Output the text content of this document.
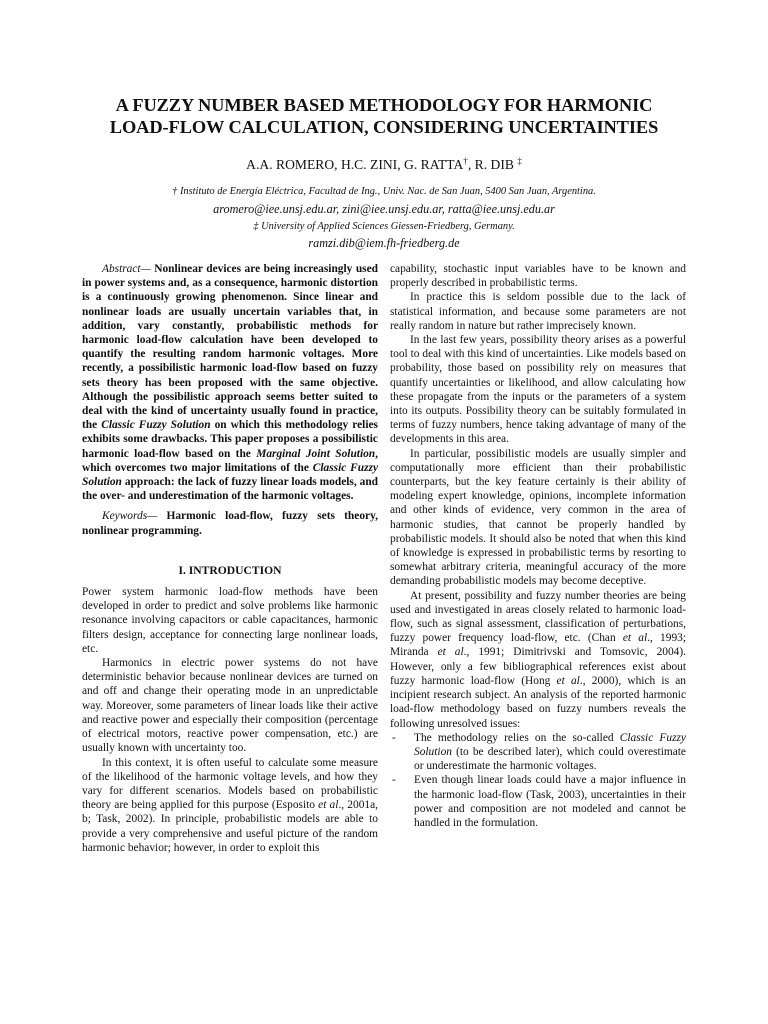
A FUZZY NUMBER BASED METHODOLOGY FOR HARMONIC
LOAD-FLOW CALCULATION, CONSIDERING UNCERTAINTIES
A.A. ROMERO, H.C. ZINI, G. RATTA†, R. DIB ‡
† Instituto de Energía Eléctrica, Facultad de Ing., Univ. Nac. de San Juan, 5400 San Juan, Argentina.
aromero@iee.unsj.edu.ar, zini@iee.unsj.edu.ar, ratta@iee.unsj.edu.ar
‡ University of Applied Sciences Giessen-Friedberg, Germany.
ramzi.dib@iem.fh-friedberg.de

Abstract— Nonlinear devices are being increasingly used in power systems and, as a consequence, harmonic distortion is a continuously growing phenomenon. Since linear and nonlinear loads are usually uncertain variables that, in addition, vary constantly, probabilistic methods for harmonic load-flow calculation have been developed to quantify the resulting random harmonic voltages. More recently, a possibilistic harmonic load-flow based on fuzzy sets theory has been proposed with the same objective. Although the possibilistic approach seems better suited to deal with the kind of uncertainty usually found in practice, the Classic Fuzzy Solution on which this methodology relies exhibits some drawbacks. This paper proposes a possibilistic harmonic load-flow based on the Marginal Joint Solution, which overcomes two major limitations of the Classic Fuzzy Solution approach: the lack of fuzzy linear loads models, and the over- and underestimation of the harmonic voltages.

Keywords— Harmonic load-flow, fuzzy sets theory, nonlinear programming.

I. INTRODUCTION

Power system harmonic load-flow methods have been developed in order to predict and solve problems like harmonic resonance involving capacitors or cable capacitances, harmonic filters design, acceptance for connecting large nonlinear loads, etc.

Harmonics in electric power systems do not have deterministic behavior because nonlinear devices are turned on and off and change their operating mode in an unpredictable way. Moreover, some parameters of linear loads like their active and reactive power and especially their composition (percentage of electrical motors, reactive power compensation, etc.) are usually known with uncertainty too.

In this context, it is often useful to calculate some measure of the likelihood of the harmonic voltage levels, and how they vary for different scenarios. Models based on probabilistic theory are being applied for this purpose (Esposito et al., 2001a, b; Task, 2002). In principle, probabilistic models are able to provide a very comprehensive and useful picture of the random harmonic behavior; however, in order to exploit this

capability, stochastic input variables have to be known and properly described in probabilistic terms.

In practice this is seldom possible due to the lack of statistical information, and because some parameters are not really random in nature but rather imprecisely known.

In the last few years, possibility theory arises as a powerful tool to deal with this kind of uncertainties. Like models based on probability, those based on possibility rely on measures that quantify uncertainties or likelihood, and allow calculating how these propagate from the inputs or the parameters of a system into its outputs. Possibility theory can be suitably formulated in terms of fuzzy numbers, hence taking advantage of many of the developments in this area.

In particular, possibilistic models are usually simpler and computationally more efficient than their probabilistic counterparts, but the key feature certainly is their ability of modeling expert knowledge, opinions, incomplete information and other kinds of evidence, very common in the area of harmonic studies, that cannot be properly handled by probabilistic models. It should also be noted that when this kind of knowledge is expressed in probabilistic terms by resorting to somewhat arbitrary criteria, meaningful accuracy of the more demanding probabilistic models may become deceptive.

At present, possibility and fuzzy number theories are being used and investigated in areas closely related to harmonic load-flow, such as signal assessment, classification of perturbations, fuzzy power frequency load-flow, etc. (Chan et al., 1993; Miranda et al., 1991; Dimitrivski and Tomsovic, 2004). However, only a few bibliographical references exist about fuzzy harmonic load-flow (Hong et al., 2000), which is an incipient research subject. An analysis of the reported harmonic load-flow methodology based on fuzzy numbers reveals the following unresolved issues:

- The methodology relies on the so-called Classic Fuzzy Solution (to be described later), which could overestimate or underestimate the harmonic voltages.

- Even though linear loads could have a major influence in the harmonic load-flow (Task, 2003), uncertainties in their power and composition are not modeled and cannot be handled in the formulation.
